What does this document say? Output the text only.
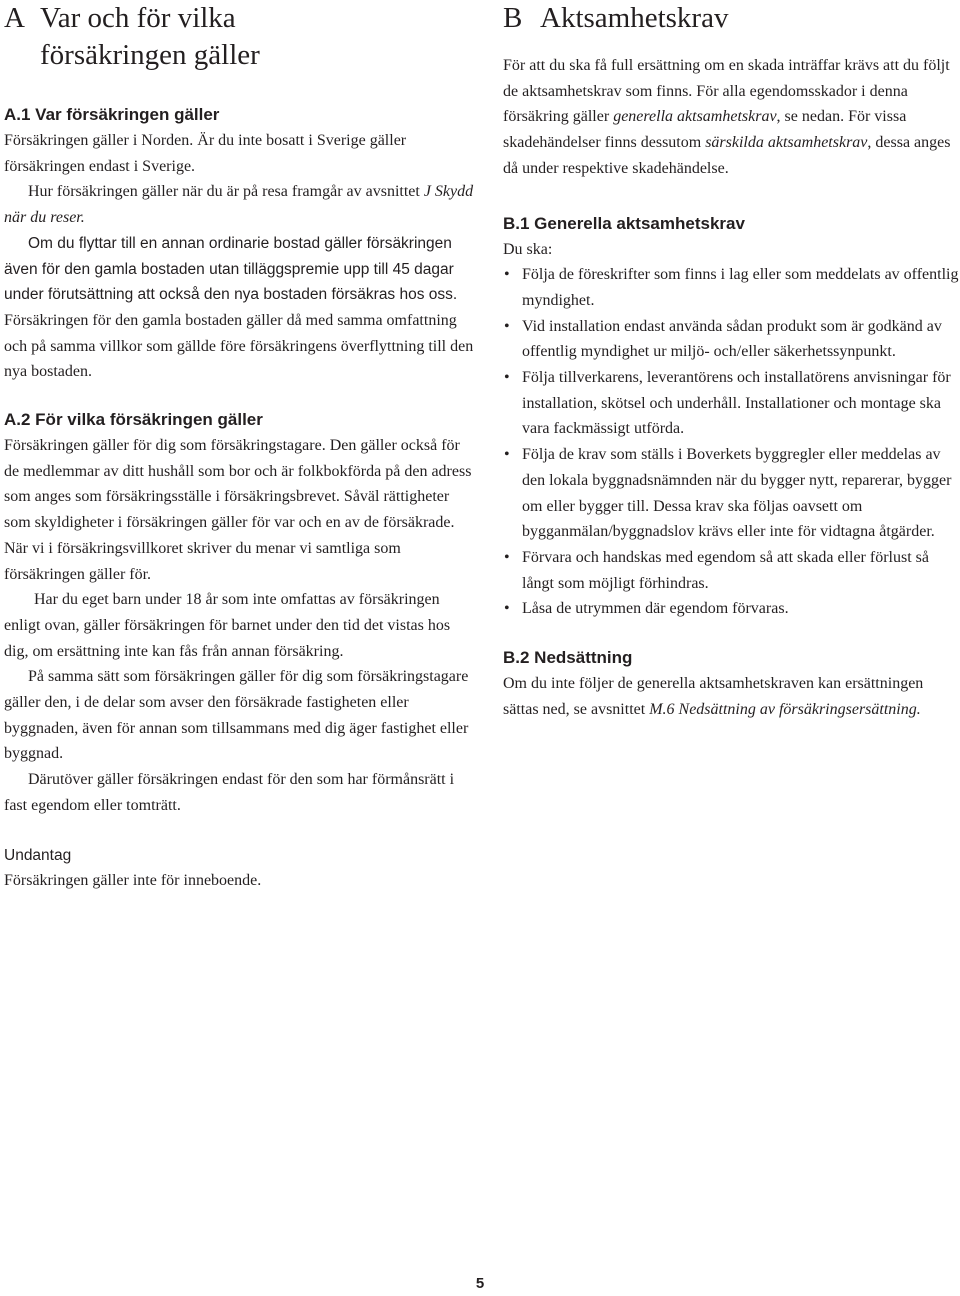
A Var och för vilka
försäkringen gäller
A.1 Var försäkringen gäller

Försäkringen gäller i Norden. Är du inte bosatt i Sverige gäller försäkringen endast i Sverige.

Hur försäkringen gäller när du är på resa framgår av avsnittet J Skydd när du reser.

Om du flyttar till en annan ordinarie bostad gäller försäkringen även för den gamla bostaden utan tilläggspremie upp till 45 dagar under förutsättning att också den nya bostaden försäkras hos oss. Försäkringen för den gamla bostaden gäller då med samma omfattning och på samma villkor som gällde före försäkringens överflyttning till den nya bostaden.

A.2 För vilka försäkringen gäller

Försäkringen gäller för dig som försäkringstagare. Den gäller också för de medlemmar av ditt hushåll som bor och är folkbokförda på den adress som anges som försäkringsställe i försäkringsbrevet. Såväl rättigheter som skyldigheter i försäkringen gäller för var och en av de försäkrade. När vi i försäkringsvillkoret skriver du menar vi samtliga som försäkringen gäller för.

Har du eget barn under 18 år som inte omfattas av försäkringen enligt ovan, gäller försäkringen för barnet under den tid det vistas hos dig, om ersättning inte kan fås från annan försäkring.

På samma sätt som försäkringen gäller för dig som försäkringstagare gäller den, i de delar som avser den försäkrade fastigheten eller byggnaden, även för annan som tillsammans med dig äger fastighet eller byggnad.

Därutöver gäller försäkringen endast för den som har förmånsrätt i fast egendom eller tomträtt.

Undantag

Försäkringen gäller inte för inneboende.

B Aktsamhetskrav

För att du ska få full ersättning om en skada inträffar krävs att du följt de aktsamhetskrav som finns. För alla egendomsskador i denna försäkring gäller generella aktsamhetskrav, se nedan. För vissa skadehändelser finns dessutom särskilda aktsamhetskrav, dessa anges då under respektive skadehändelse.

B.1 Generella aktsamhetskrav

Du ska:

• Följa de föreskrifter som finns i lag eller som meddelats av offentlig myndighet.
• Vid installation endast använda sådan produkt som är godkänd av offentlig myndighet ur miljö- och/eller säkerhetssynpunkt.
• Följa tillverkarens, leverantörens och installatörens anvisningar för installation, skötsel och underhåll. Installationer och montage ska vara fackmässigt utförda.
• Följa de krav som ställs i Boverkets byggregler eller meddelas av den lokala byggnadsnämnden när du bygger nytt, reparerar, bygger om eller bygger till. Dessa krav ska följas oavsett om bygganmälan/byggnadslov krävs eller inte för vidtagna åtgärder.
• Förvara och handskas med egendom så att skada eller förlust så långt som möjligt förhindras.
• Låsa de utrymmen där egendom förvaras.
B.2 Nedsättning

Om du inte följer de generella aktsamhetskraven kan ersättningen sättas ned, se avsnittet M.6 Nedsättning av försäkringsersättning.

5
